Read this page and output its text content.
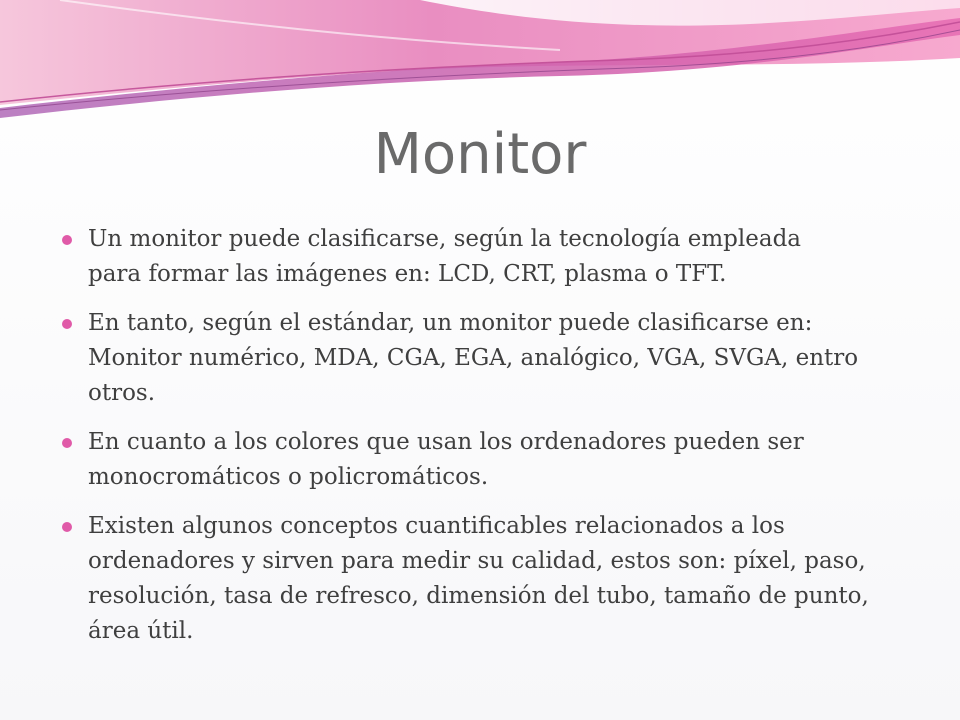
Monitor
Un monitor puede clasificarse, según la tecnología empleada para formar las imágenes en: LCD, CRT, plasma o TFT.
En tanto, según el estándar, un monitor puede clasificarse en: Monitor numérico, MDA, CGA, EGA, analógico, VGA, SVGA, entro otros.
En cuanto a los colores que usan los ordenadores pueden ser monocromáticos o policromáticos.
Existen algunos conceptos cuantificables relacionados a los ordenadores y sirven para medir su calidad, estos son: píxel, paso, resolución, tasa de refresco, dimensión del tubo, tamaño de punto, área útil.
